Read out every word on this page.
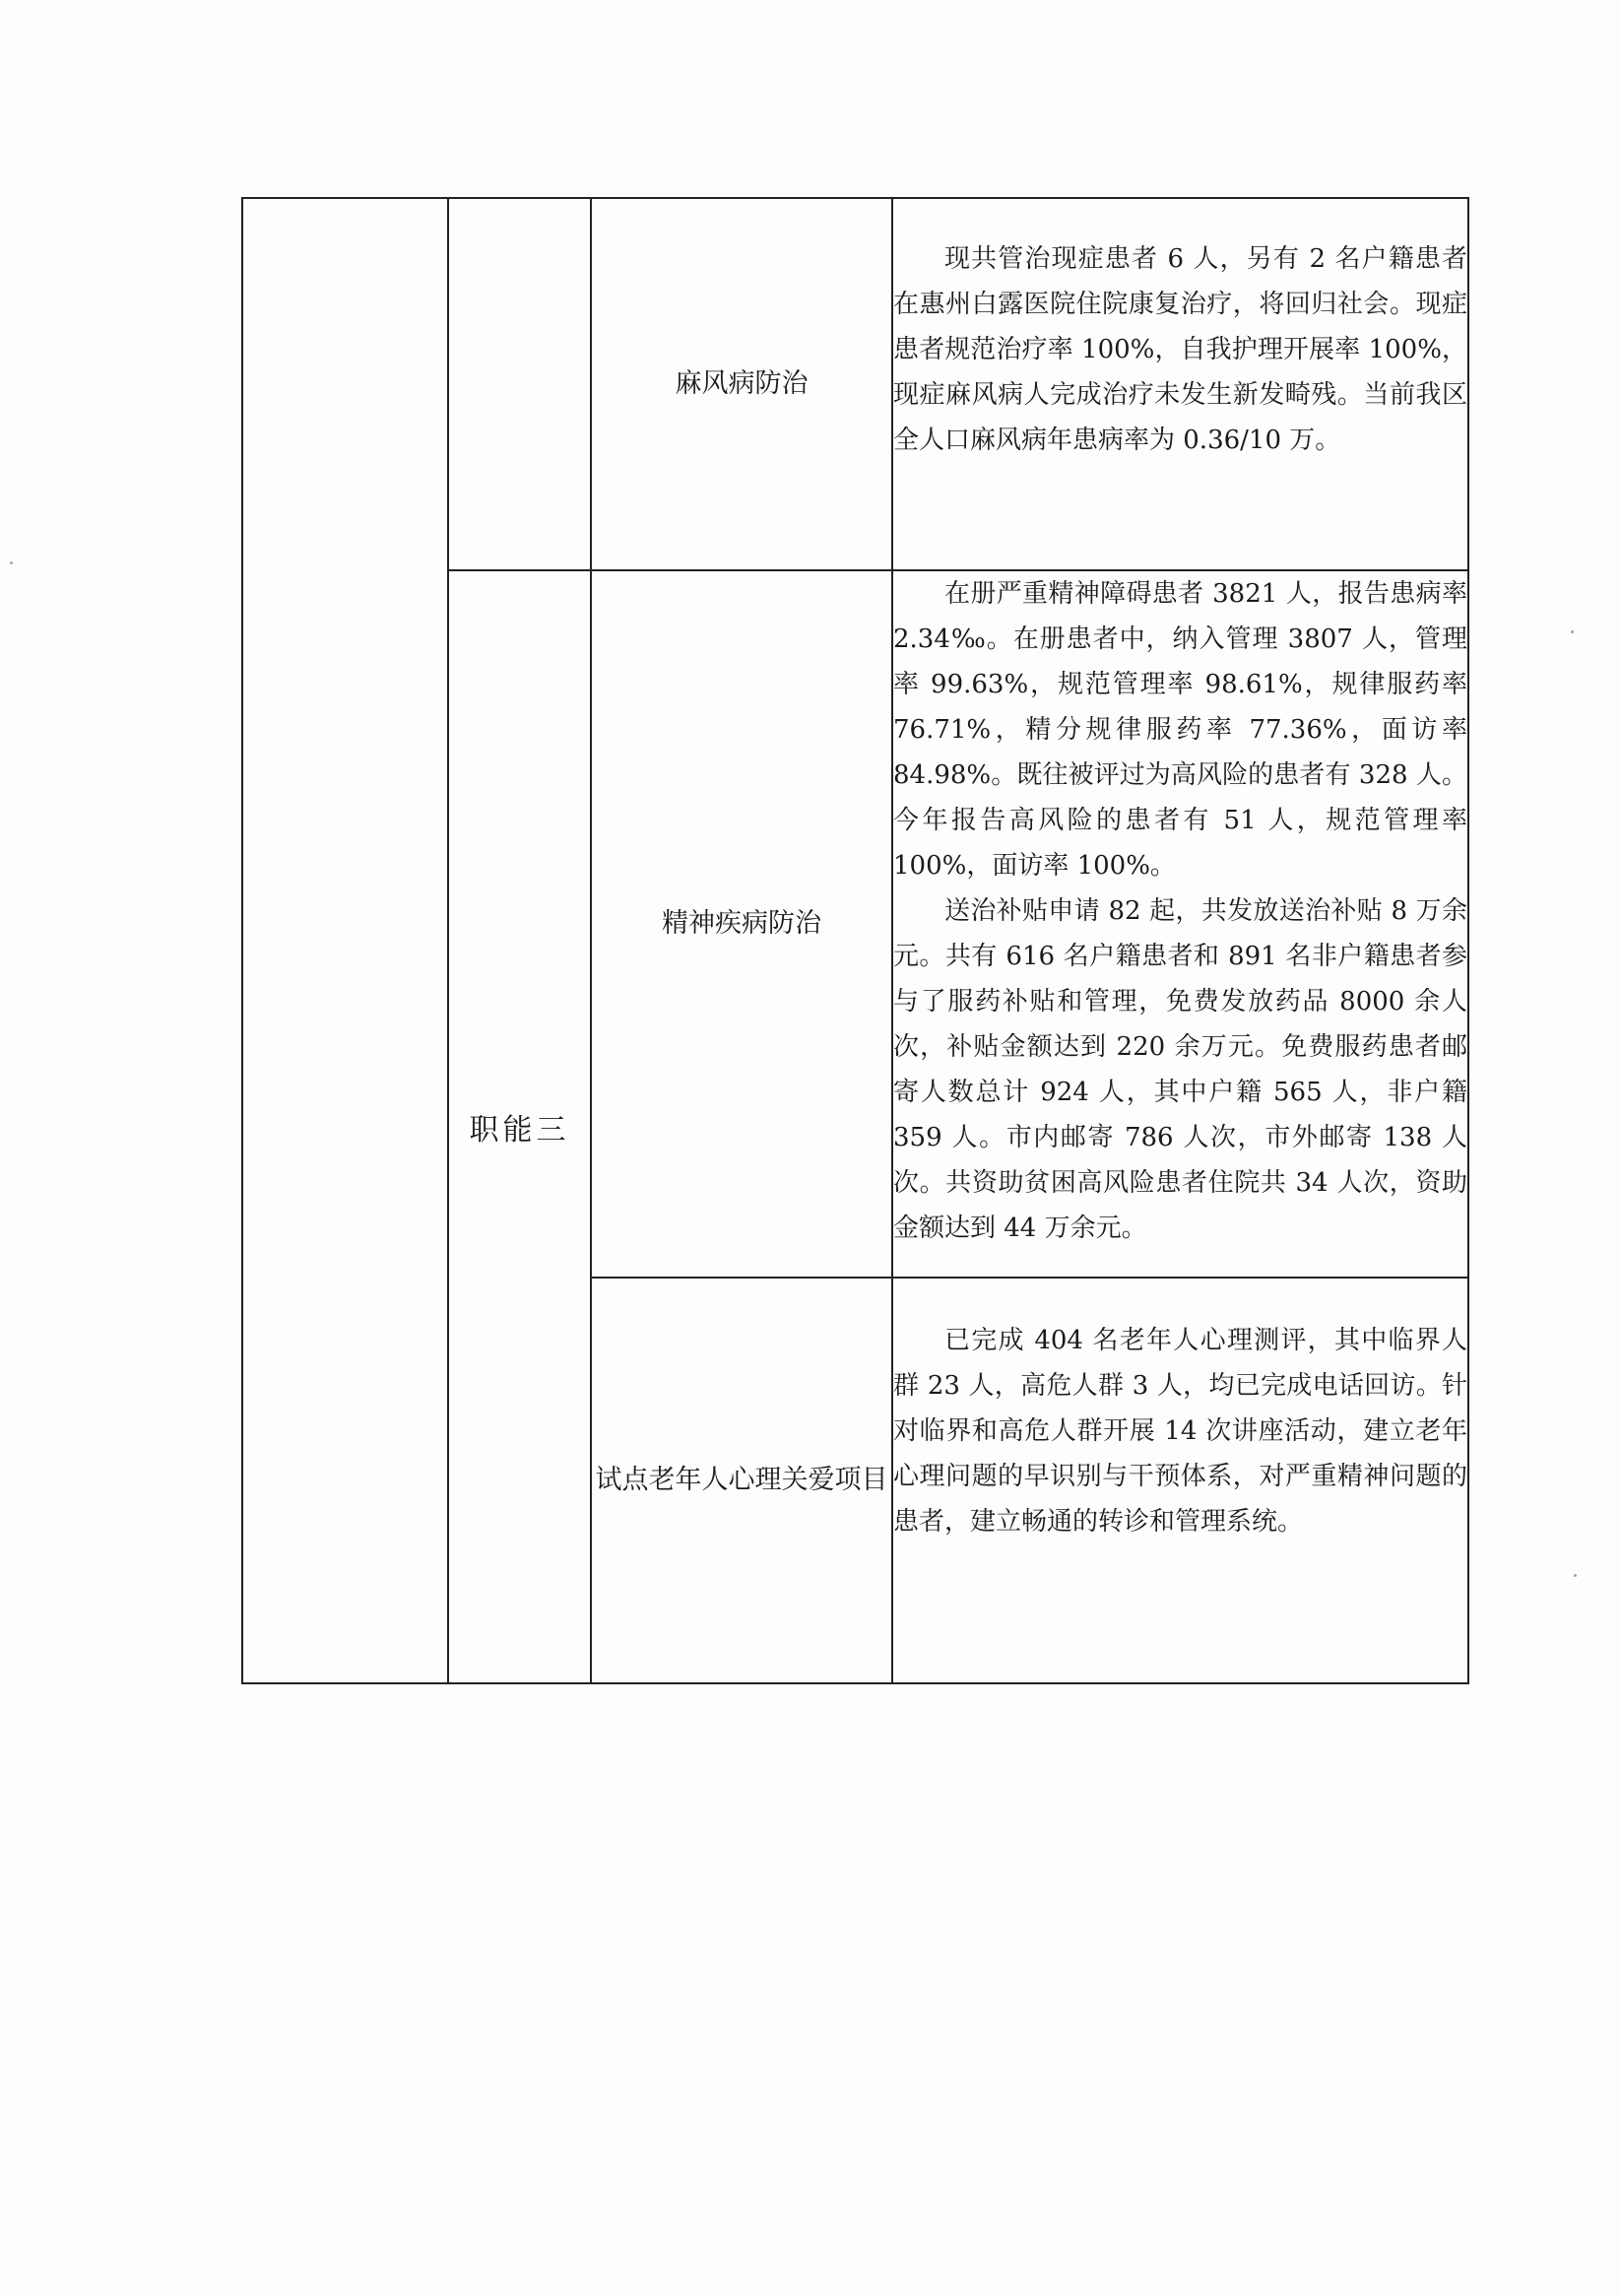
		麻风病防治	现共管治现症患者 6 人，另有 2 名户籍患者在惠州白露医院住院康复治疗，将回归社会。现症患者规范治疗率 100%，自我护理开展率 100%，现症麻风病人完成治疗未发生新发畸残。当前我区全人口麻风病年患病率为 0.36/10 万。

	职能三	精神疾病防治	在册严重精神障碍患者 3821 人，报告患病率 2.34‰。在册患者中，纳入管理 3807 人，管理率 99.63%，规范管理率 98.61%，规律服药率 76.71%，精分规律服药率 77.36%，面访率 84.98%。既往被评过为高风险的患者有 328 人。今年报告高风险的患者有 51 人，规范管理率 100%，面访率 100%。

送治补贴申请 82 起，共发放送治补贴 8 万余元。共有 616 名户籍患者和 891 名非户籍患者参与了服药补贴和管理，免费发放药品 8000 余人次，补贴金额达到 220 余万元。免费服药患者邮寄人数总计 924 人，其中户籍 565 人，非户籍 359 人。市内邮寄 786 人次，市外邮寄 138 人次。共资助贫困高风险患者住院共 34 人次，资助金额达到 44 万余元。

		试点老年人心理关爱项目	已完成 404 名老年人心理测评，其中临界人群 23 人，高危人群 3 人，均已完成电话回访。针对临界和高危人群开展 14 次讲座活动，建立老年心理问题的早识别与干预体系，对严重精神问题的患者，建立畅通的转诊和管理系统。
